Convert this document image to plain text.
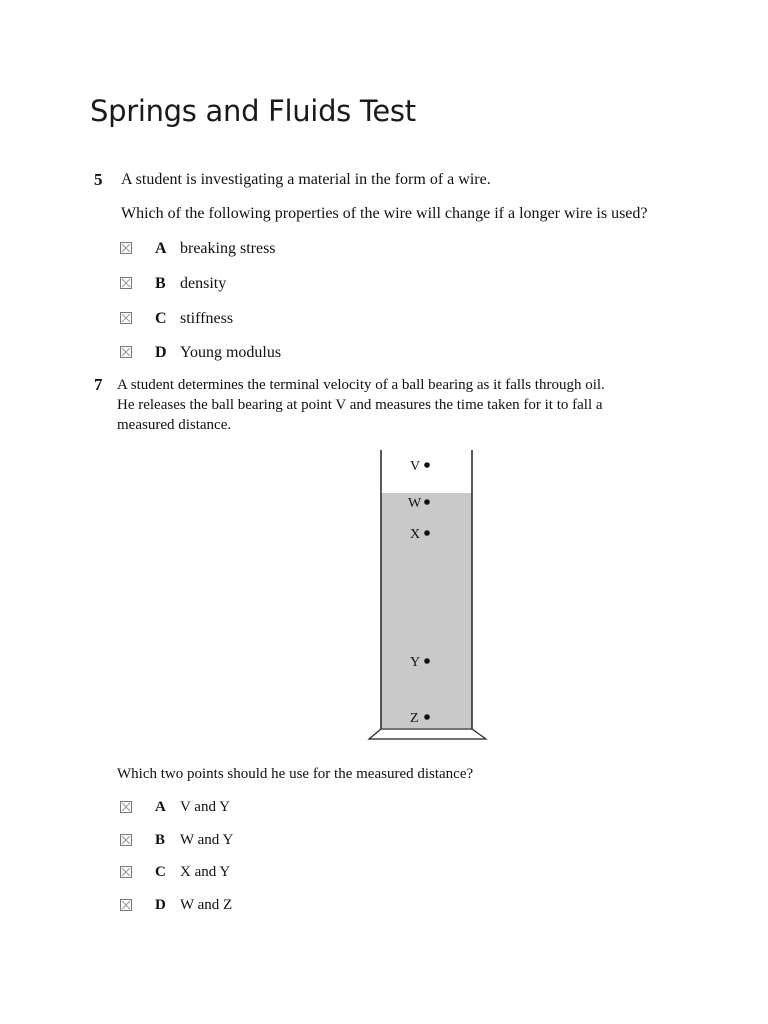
Springs and Fluids Test
5 A student is investigating a material in the form of a wire.
Which of the following properties of the wire will change if a longer wire is used?
A breaking stress
B density
C stiffness
D Young modulus
7 A student determines the terminal velocity of a ball bearing as it falls through oil.
He releases the ball bearing at point V and measures the time taken for it to fall a
measured distance.
V
W
X
Y
Z
Which two points should he use for the measured distance?
A V and Y
B W and Y
C X and Y
D W and Z
